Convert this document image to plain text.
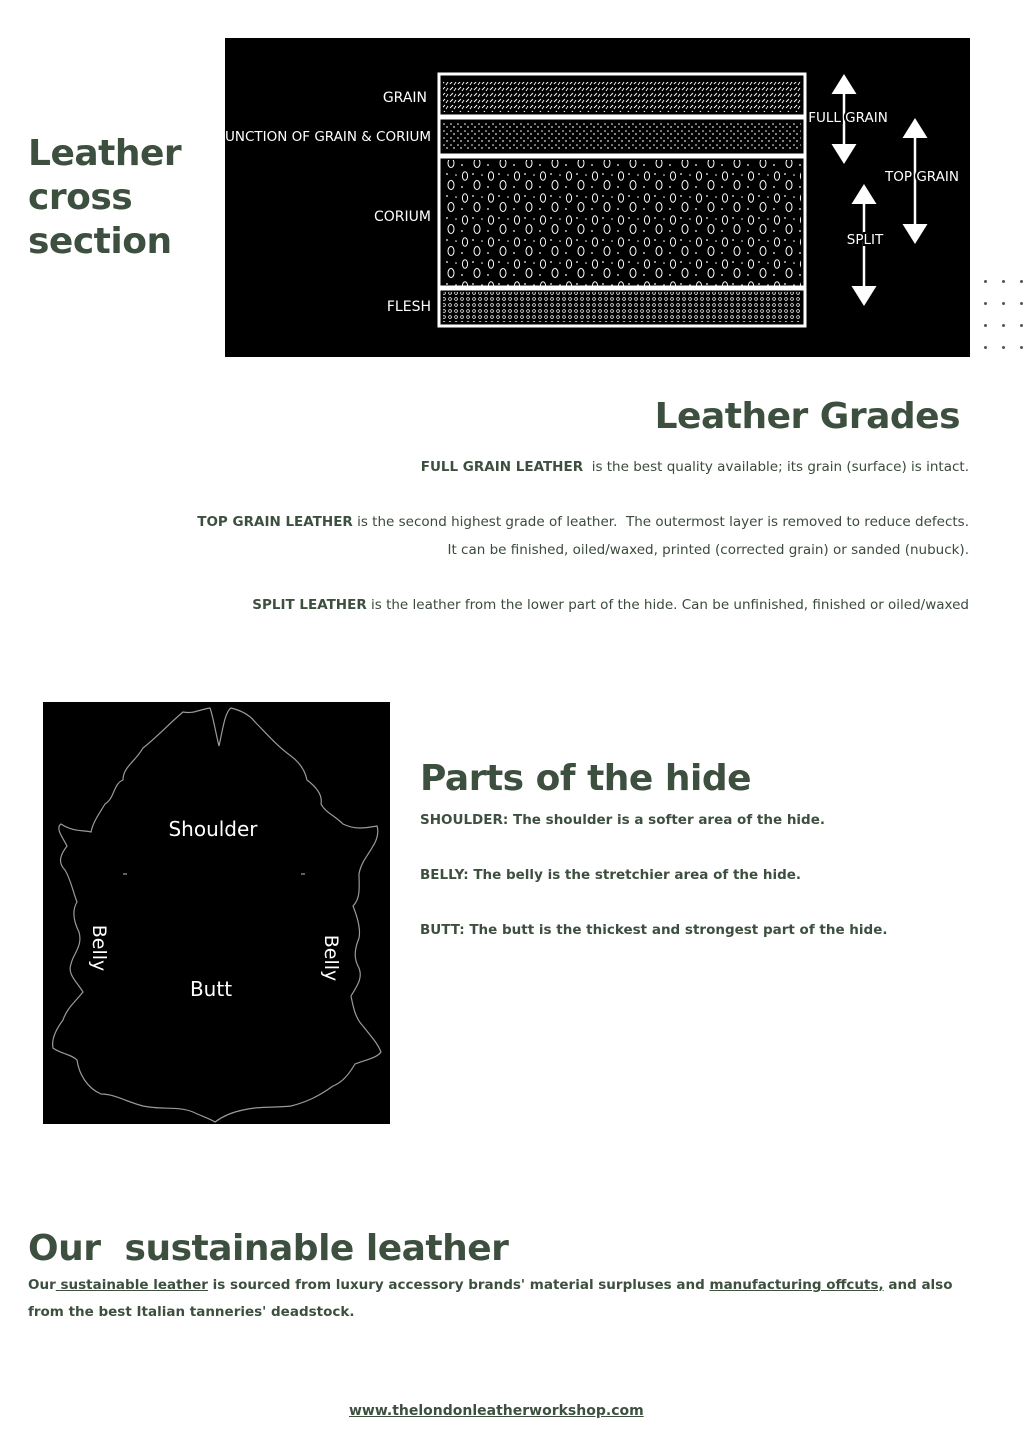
Leather cross section
GRAIN
JUNCTION OF GRAIN & CORIUM
CORIUM
FLESH
FULL GRAIN
TOP GRAIN
SPLIT
Leather Grades

FULL GRAIN LEATHER  is the best quality available; its grain (surface) is intact.

TOP GRAIN LEATHER is the second highest grade of leather.  The outermost layer is removed to reduce defects.

It can be finished, oiled/waxed, printed (corrected grain) or sanded (nubuck).

SPLIT LEATHER is the leather from the lower part of the hide. Can be unfinished, finished or oiled/waxed

Shoulder
Butt
Belly	Belly
Parts of the hide

SHOULDER: The shoulder is a softer area of the hide.

BELLY: The belly is the stretchier area of the hide.

BUTT: The butt is the thickest and strongest part of the hide.

Our  sustainable leather

Our sustainable leather is sourced from luxury accessory brands' material surpluses and manufacturing offcuts, and also from the best Italian tanneries' deadstock.

www.thelondonleatherworkshop.com
